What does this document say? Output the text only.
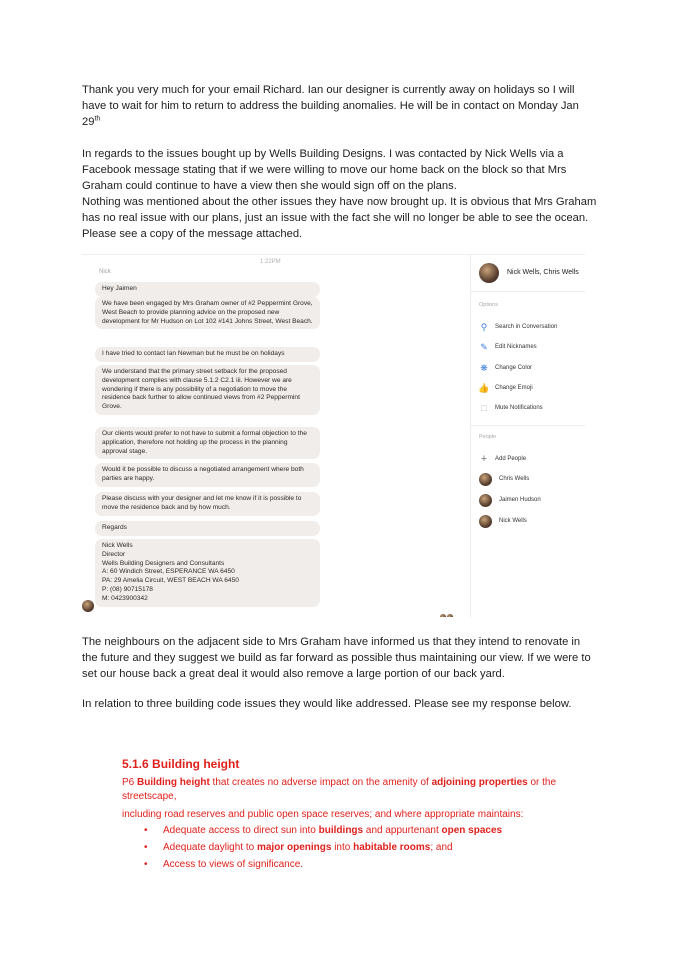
Thank you very much for your email Richard. Ian our designer is currently away on holidays so I will have to wait for him to return to address the building anomalies. He will be in contact on Monday Jan 29th

In regards to the issues bought up by Wells Building Designs. I was contacted by Nick Wells via a Facebook message stating that if we were willing to move our home back on the block so that Mrs Graham could continue to have a view then she would sign off on the plans.

Nothing was mentioned about the other issues they have now brought up. It is obvious that Mrs Graham has no real issue with our plans, just an issue with the fact she will no longer be able to see the ocean.

Please see a copy of the message attached.

1:22PM
Nick

Hey Jaimen

We have been engaged by Mrs Graham owner of #2 Peppermint Grove, West Beach to provide planning advice on the proposed new development for Mr Hudson on Lot 102 #141 Johns Street, West Beach.

I have tried to contact Ian Newman but he must be on holidays

We understand that the primary street setback for the proposed development complies with clause 5.1.2 C2.1 iii. However we are wondering if there is any possibility of a negotiation to move the residence back further to allow continued views from #2 Peppermint Grove.

Our clients would prefer to not have to submit a formal objection to the application, therefore not holding up the process in the planning approval stage.

Would it be possible to discuss a negotiated arrangement where both parties are happy.

Please discuss with your designer and let me know if it is possible to move the residence back and by how much.

Regards

Nick Wells

Director

Wells Building Designers and Consultants

A: 60 Windich Street, ESPERANCE WA 6450

PA: 29 Amelia Circuit, WEST BEACH WA 6450

P: (08) 90715178

M: 0423900342

Nick Wells, Chris Wells
Options
⚲ Search in Conversation
✎ Edit Nicknames
❋ Change Color
👍 Change Emoji
□	Mute Notifications
People
+ Add People
Chris Wells
Jaimen Hudson
Nick Wells

The neighbours on the adjacent side to Mrs Graham have informed us that they intend to renovate in the future and they suggest we build as far forward as possible thus maintaining our view. If we were to set our house back a great deal it would also remove a large portion of our back yard.

In relation to three building code issues they would like addressed. Please see my response below.

5.1.6 Building height
P6 Building height that creates no adverse impact on the amenity of adjoining properties or the
streetscape,
including road reserves and public open space reserves; and where appropriate maintains:
• Adequate access to direct sun into buildings and appurtenant open spaces
• Adequate daylight to major openings into habitable rooms; and
• Access to views of significance.
